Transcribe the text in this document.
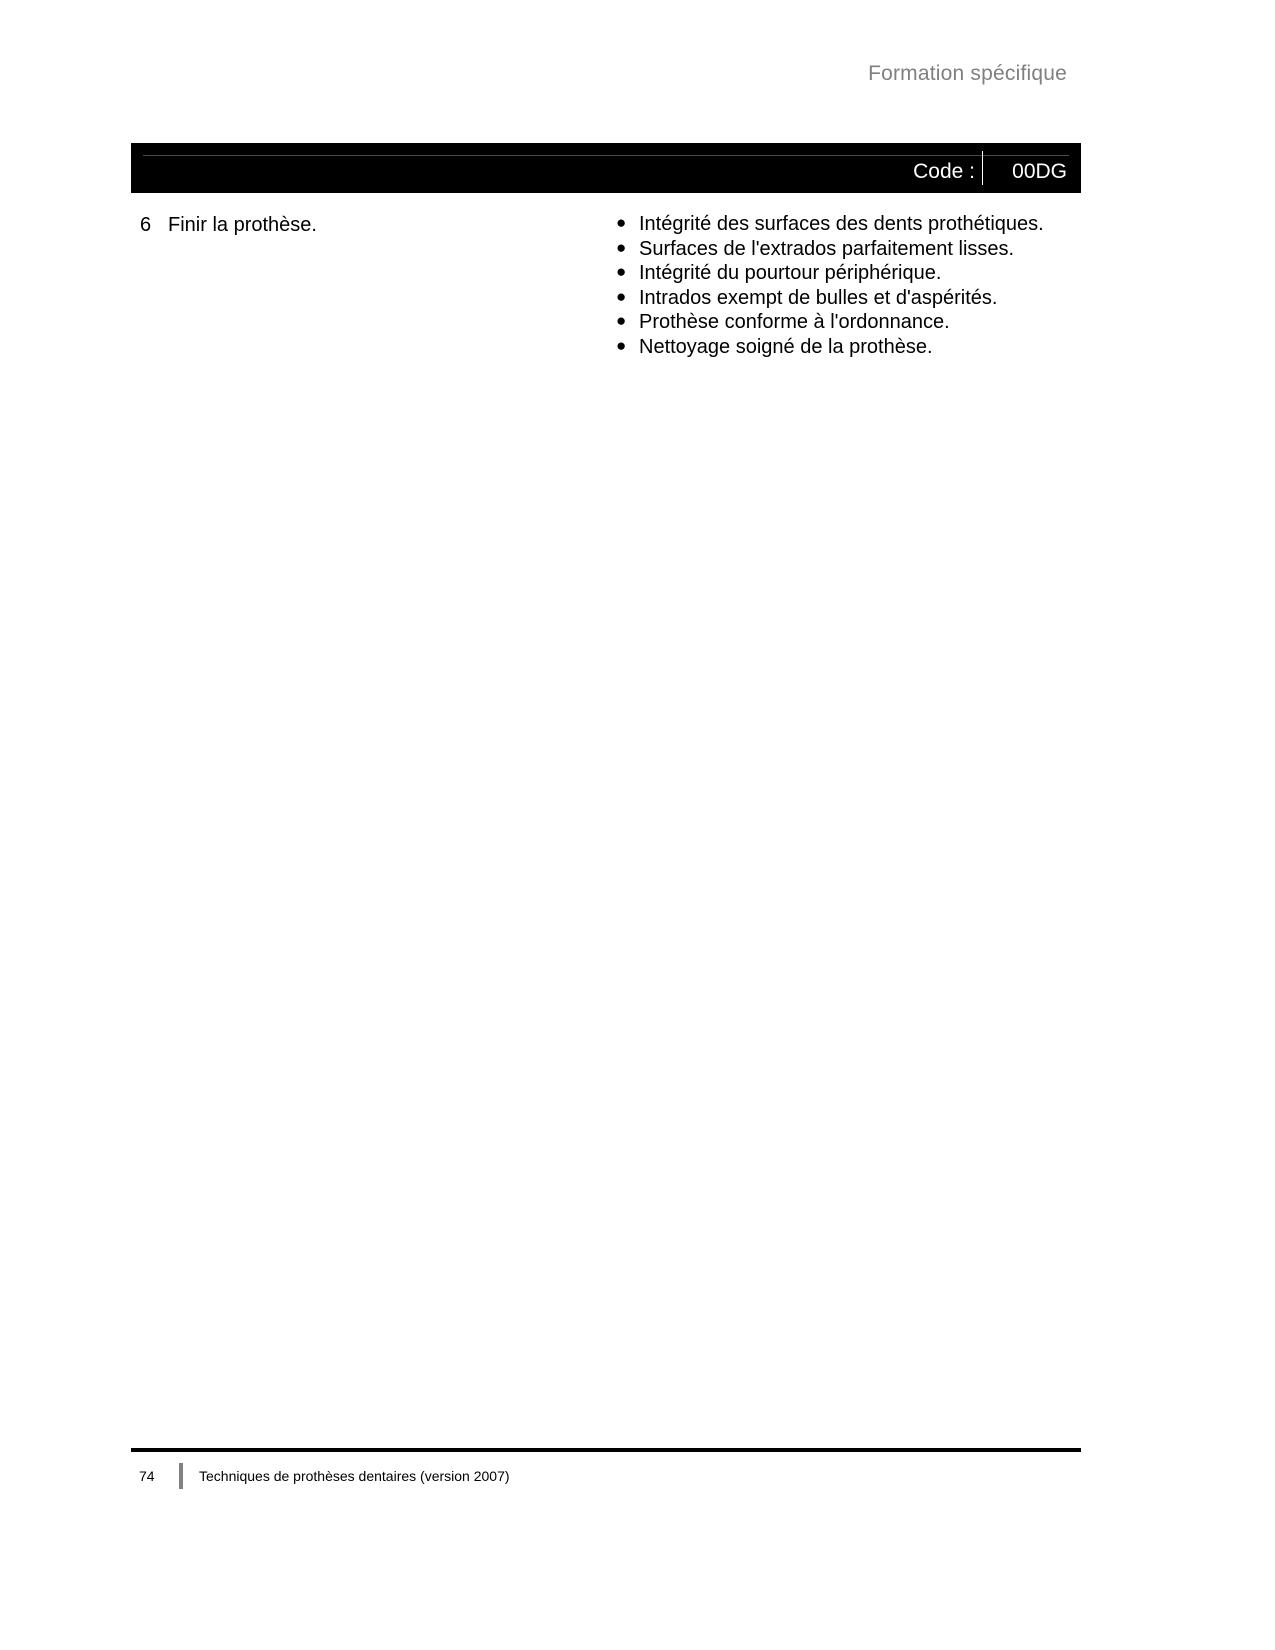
Formation spécifique
Code : 00DG
6 Finir la prothèse.	● Intégrité des surfaces des dents prothétiques.
● Surfaces de l'extrados parfaitement lisses.
● Intégrité du pourtour périphérique.
● Intrados exempt de bulles et d'aspérités.
● Prothèse conforme à l'ordonnance.
● Nettoyage soigné de la prothèse.
74	Techniques de prothèses dentaires (version 2007)
